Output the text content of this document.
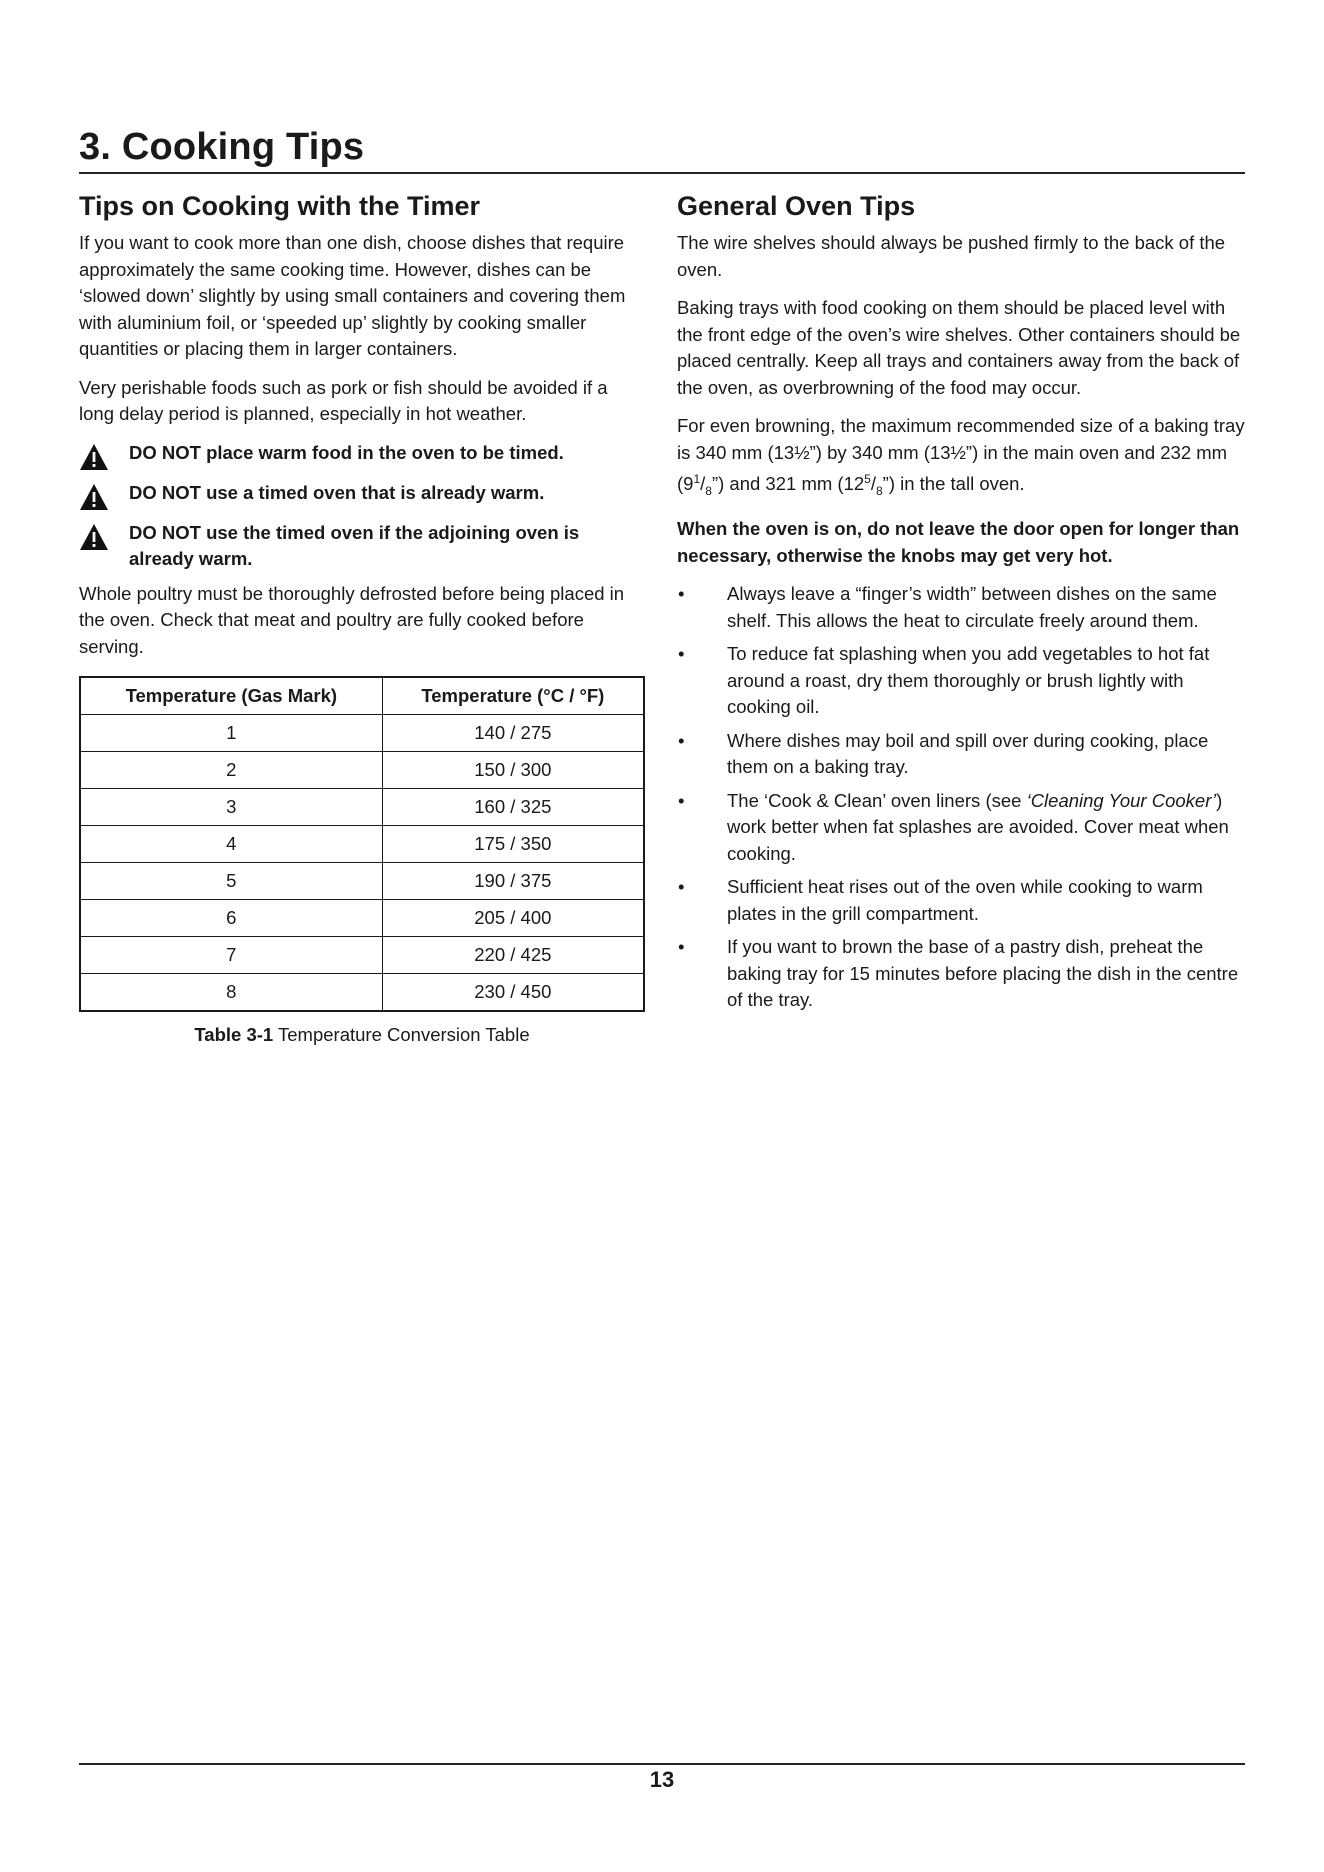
3. Cooking Tips
Tips on Cooking with the Timer

If you want to cook more than one dish, choose dishes that require approximately the same cooking time. However, dishes can be ‘slowed down’ slightly by using small containers and covering them with aluminium foil, or ‘speeded up’ slightly by cooking smaller quantities or placing them in larger containers.

Very perishable foods such as pork or fish should be avoided if a long delay period is planned, especially in hot weather.

DO NOT place warm food in the oven to be timed.
DO NOT use a timed oven that is already warm.
DO NOT use the timed oven if the adjoining oven is already warm.

Whole poultry must be thoroughly defrosted before being placed in the oven. Check that meat and poultry are fully cooked before serving.

Temperature (Gas Mark)	Temperature (°C / °F)
1	140 / 275
2	150 / 300
3	160 / 325
4	175 / 350
5	190 / 375
6	205 / 400
7	220 / 425
8	230 / 450
Table 3-1 Temperature Conversion Table
General Oven Tips

The wire shelves should always be pushed firmly to the back of the oven.

Baking trays with food cooking on them should be placed level with the front edge of the oven’s wire shelves. Other containers should be placed centrally. Keep all trays and containers away from the back of the oven, as overbrowning of the food may occur.

For even browning, the maximum recommended size of a baking tray is 340 mm (13½”) by 340 mm (13½”) in the main oven and 232 mm $(9^1/_8”)$ and 321 mm $(12^5/_8”)$ in the tall oven.

When the oven is on, do not leave the door open for longer than necessary, otherwise the knobs may get very hot.

• Always leave a “finger’s width” between dishes on the same shelf. This allows the heat to circulate freely around them.
• To reduce fat splashing when you add vegetables to hot fat around a roast, dry them thoroughly or brush lightly with cooking oil.
• Where dishes may boil and spill over during cooking, place them on a baking tray.
• The ‘Cook & Clean’ oven liners (see ‘Cleaning Your Cooker’) work better when fat splashes are avoided. Cover meat when cooking.
• Sufficient heat rises out of the oven while cooking to warm plates in the grill compartment.
• If you want to brown the base of a pastry dish, preheat the baking tray for 15 minutes before placing the dish in the centre of the tray.
13
